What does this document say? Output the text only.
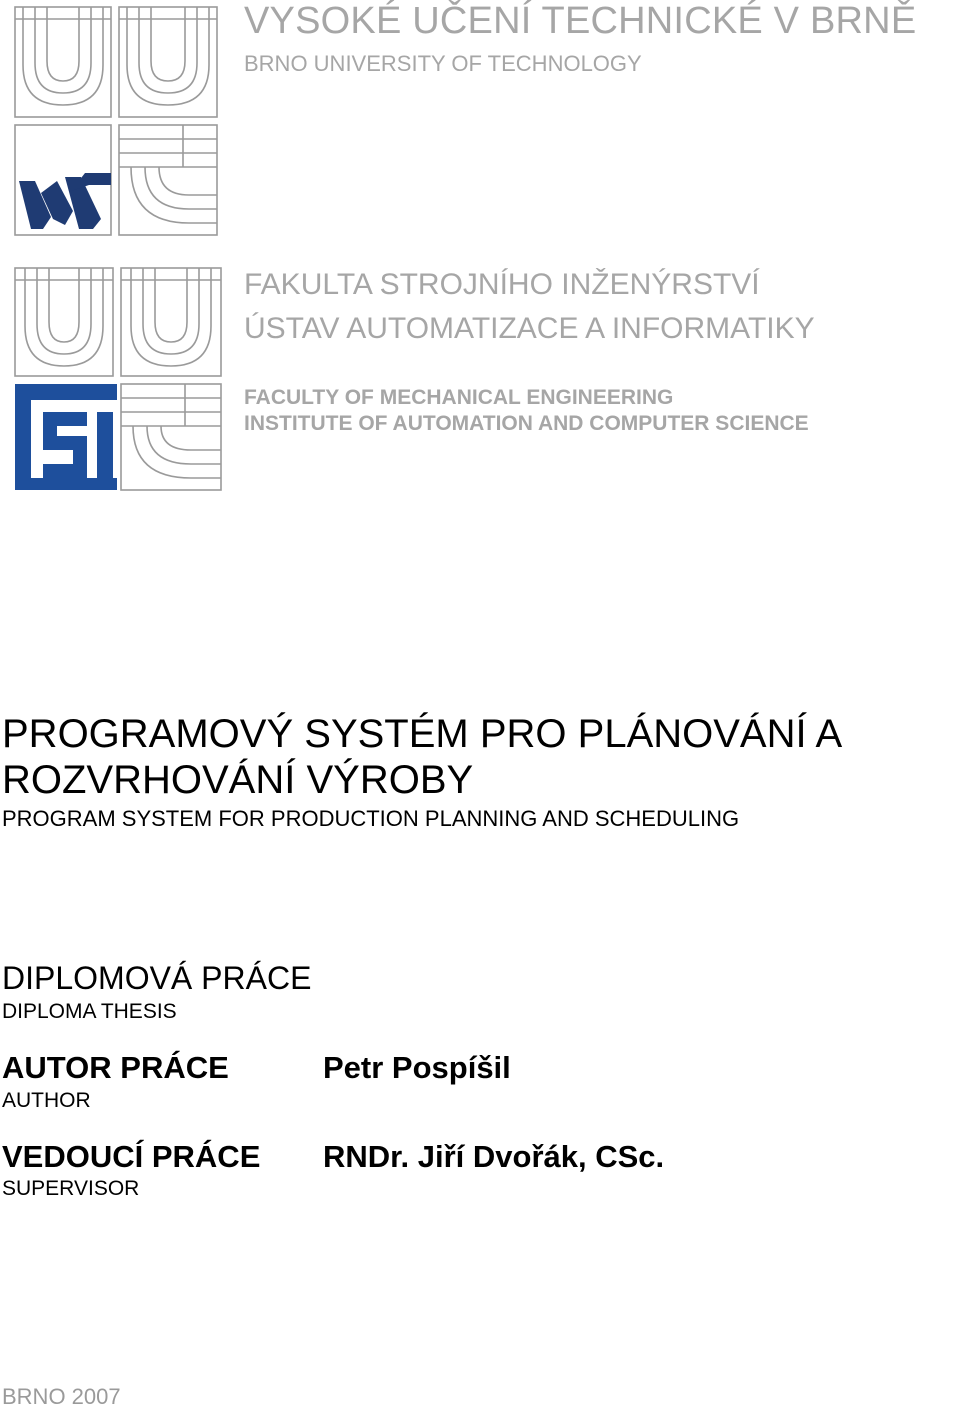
VYSOKÉ UČENÍ TECHNICKÉ V BRNĚ
BRNO UNIVERSITY OF TECHNOLOGY
FAKULTA STROJNÍHO INŽENÝRSTVÍ
ÚSTAV AUTOMATIZACE A INFORMATIKY
FACULTY OF MECHANICAL ENGINEERING
INSTITUTE OF AUTOMATION AND COMPUTER SCIENCE
PROGRAMOVÝ SYSTÉM PRO PLÁNOVÁNÍ A
ROZVRHOVÁNÍ VÝROBY
PROGRAM SYSTEM FOR PRODUCTION PLANNING AND SCHEDULING
DIPLOMOVÁ PRÁCE
DIPLOMA THESIS
AUTOR PRÁCE
AUTHOR
Petr Pospíšil
VEDOUCÍ PRÁCE
SUPERVISOR
RNDr. Jiří Dvořák, CSc.
BRNO 2007
